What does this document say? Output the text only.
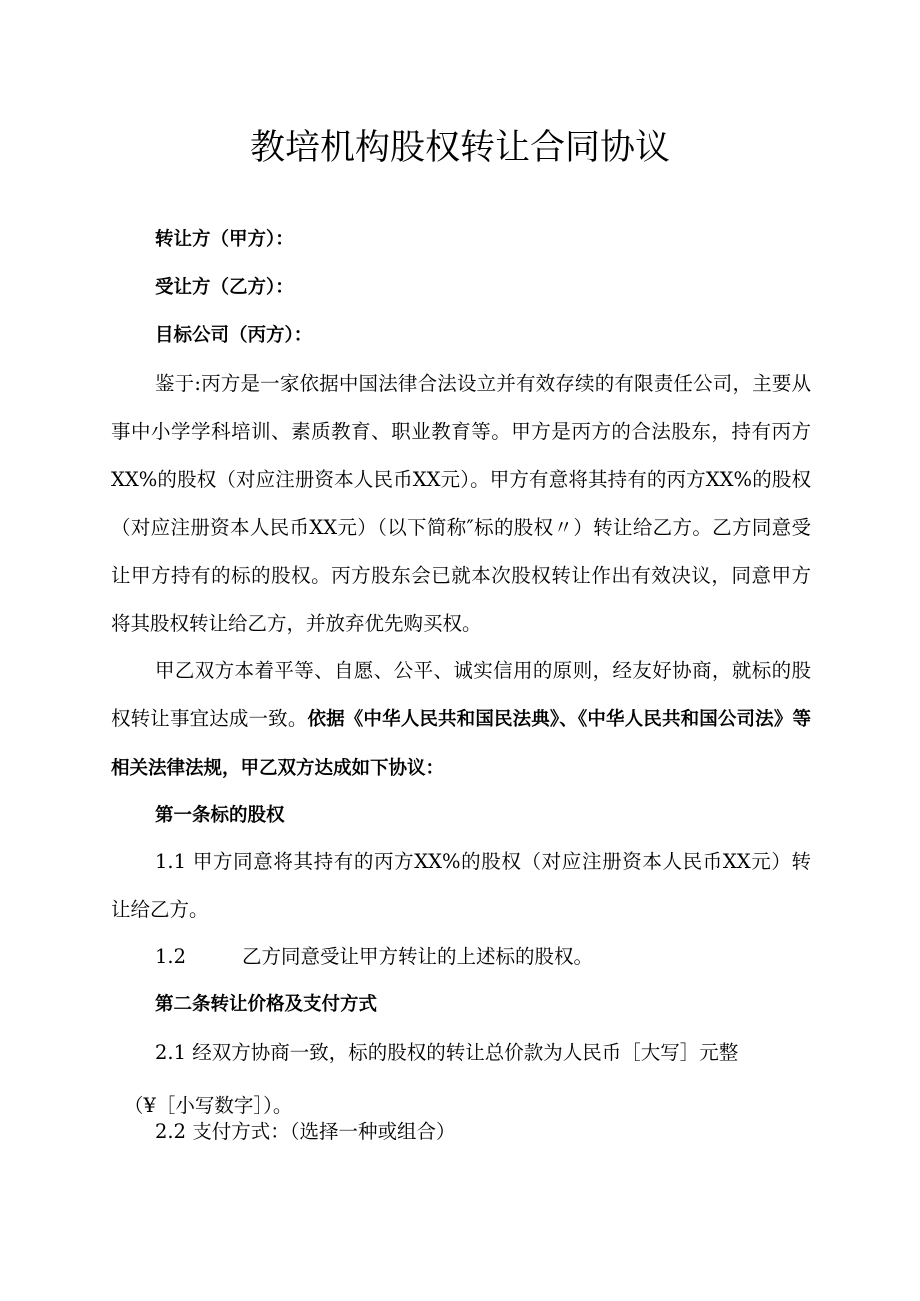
教培机构股权转让合同协议
转让方（甲方）：
受让方（乙方）：
目标公司（丙方）：
鉴于:丙方是一家依据中国法律合法设立并有效存续的有限责任公司，主要从事中小学学科培训、素质教育、职业教育等。甲方是丙方的合法股东，持有丙方XX%的股权（对应注册资本人民币XX元）。甲方有意将其持有的丙方XX%的股权（对应注册资本人民币XX元）（以下简称″标的股权〃）转让给乙方。乙方同意受让甲方持有的标的股权。丙方股东会已就本次股权转让作出有效决议，同意甲方将其股权转让给乙方，并放弃优先购买权。
甲乙双方本着平等、自愿、公平、诚实信用的原则，经友好协商，就标的股权转让事宜达成一致。依据《中华人民共和国民法典》、《中华人民共和国公司法》等相关法律法规，甲乙双方达成如下协议：
第一条标的股权
1.1 甲方同意将其持有的丙方XX%的股权（对应注册资本人民币XX元）转让给乙方。
1.2	乙方同意受让甲方转让的上述标的股权。
第二条转让价格及支付方式
2.1 经双方协商一致，标的股权的转让总价款为人民币［大写］元整
（¥［小写数字］）。
2.2 支付方式：（选择一种或组合）
